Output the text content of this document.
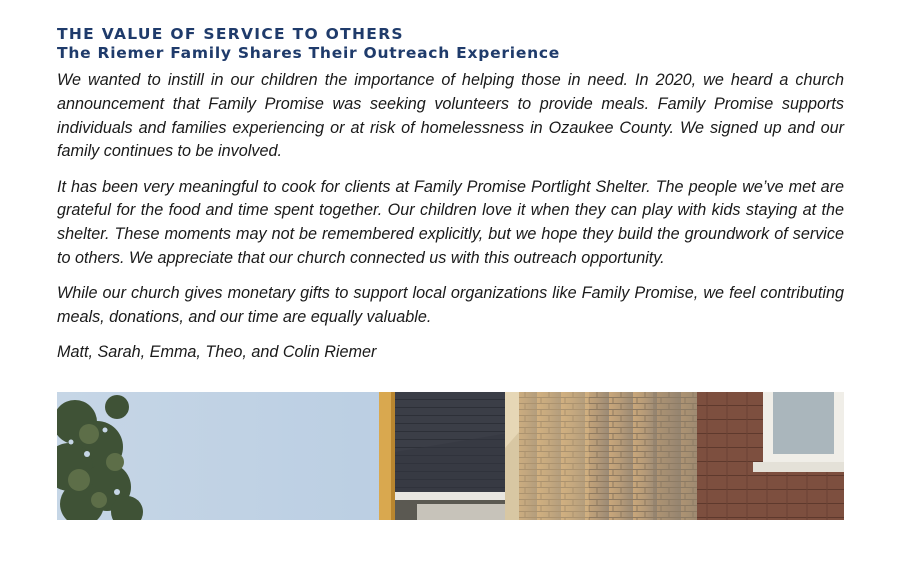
THE VALUE OF SERVICE TO OTHERS
The Riemer Family Shares Their Outreach Experience

We wanted to instill in our children the importance of helping those in need. In 2020, we heard a church announcement that Family Promise was seeking volunteers to provide meals. Family Promise supports individuals and families experiencing or at risk of homelessness in Ozaukee County. We signed up and our family continues to be involved.

It has been very meaningful to cook for clients at Family Promise Portlight Shelter. The people we’ve met are grateful for the food and time spent together. Our children love it when they can play with kids staying at the shelter. These moments may not be remembered explicitly, but we hope they build the groundwork of service to others. We appreciate that our church connected us with this outreach opportunity.

While our church gives monetary gifts to support local organizations like Family Promise, we feel contributing meals, donations, and our time are equally valuable.

Matt, Sarah, Emma, Theo, and Colin Riemer
